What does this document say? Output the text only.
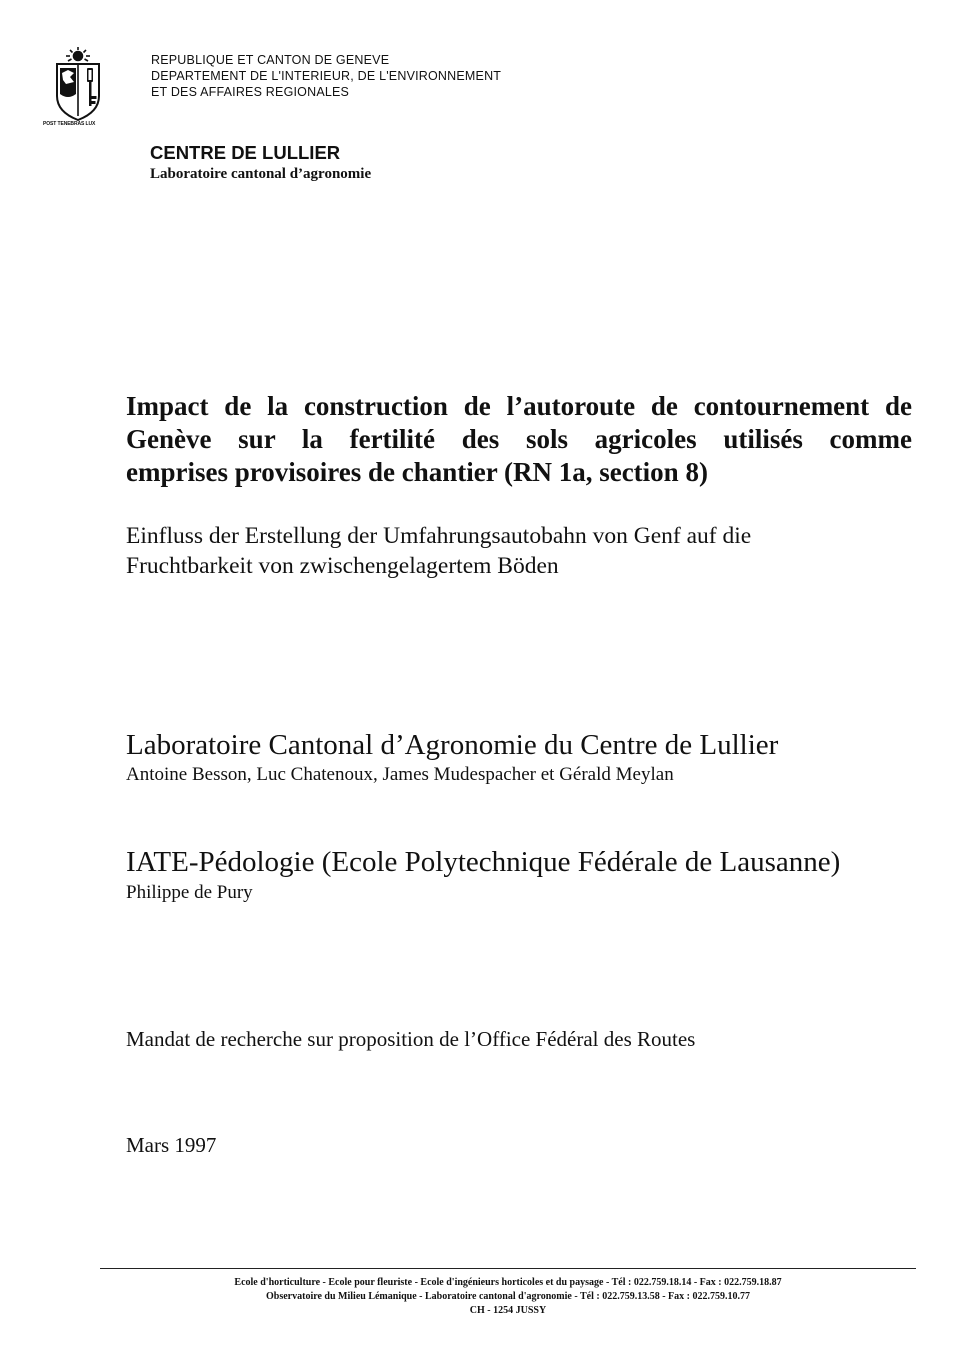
POST TENEBRAS LUX
REPUBLIQUE ET CANTON DE GENEVE
DEPARTEMENT DE L'INTERIEUR, DE L'ENVIRONNEMENT
ET DES AFFAIRES REGIONALES
CENTRE DE LULLIER
Laboratoire cantonal d’agronomie
Impact de la construction de l’autoroute de contournement de
Genève sur la fertilité des sols agricoles utilisés comme
emprises provisoires de chantier (RN 1a, section 8)
Einfluss der Erstellung der Umfahrungsautobahn von Genf auf die
Fruchtbarkeit von zwischengelagertem Böden
Laboratoire Cantonal d’Agronomie du Centre de Lullier
Antoine Besson, Luc Chatenoux, James Mudespacher et Gérald Meylan
IATE-Pédologie (Ecole Polytechnique Fédérale de Lausanne)
Philippe de Pury
Mandat de recherche sur proposition de l’Office Fédéral des Routes
Mars 1997
Ecole d'horticulture - Ecole pour fleuriste - Ecole d'ingénieurs horticoles et du paysage - Tél : 022.759.18.14 - Fax : 022.759.18.87
Observatoire du Milieu Lémanique - Laboratoire cantonal d'agronomie - Tél : 022.759.13.58 - Fax : 022.759.10.77
CH - 1254 JUSSY
